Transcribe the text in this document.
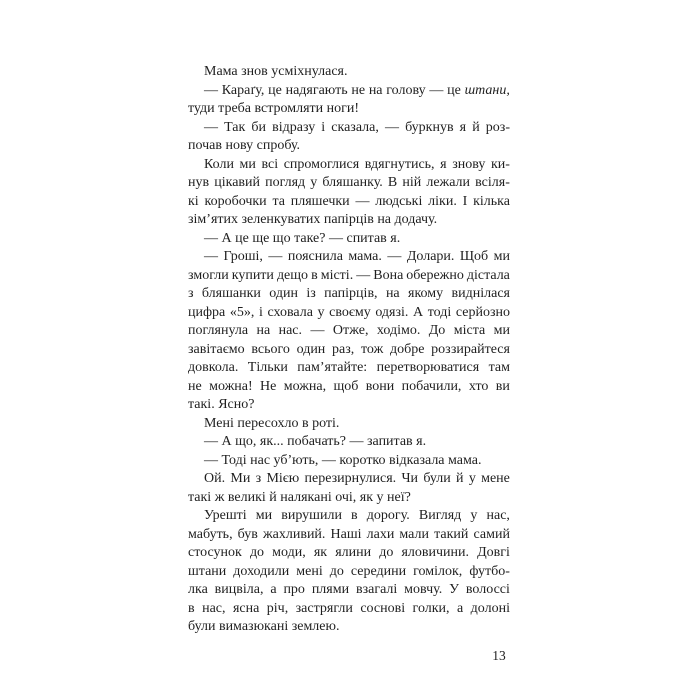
Мама знов усміхнулася.
— Караґу, це надягають не на голову — це штани,
туди треба встромляти ноги!
— Так би відразу і сказала, — буркнув я й роз-
почав нову спробу.
Коли ми всі спромоглися вдягнутись, я знову ки-
нув цікавий погляд у бляшанку. В ній лежали всіля-
кі коробочки та пляшечки — людські ліки. І кілька
зім’ятих зеленкуватих папірців на додачу.
— А це ще що таке? — спитав я.
— Гроші, — пояснила мама. — Долари. Щоб ми
змогли купити дещо в місті. — Вона обережно дістала
з бляшанки один із папірців, на якому виднілася
цифра «5», і сховала у своєму одязі. А тоді серйозно
поглянула на нас. — Отже, ходімо. До міста ми
завітаємо всього один раз, тож добре роззирайтеся
довкола. Тільки пам’ятайте: перетворюватися там
не можна! Не можна, щоб вони побачили, хто ви
такі. Ясно?
Мені пересохло в роті.
— А що, як... побачать? — запитав я.
— Тоді нас уб’ють, — коротко відказала мама.
Ой. Ми з Мією перезирнулися. Чи були й у мене
такі ж великі й налякані очі, як у неї?
Урешті ми вирушили в дорогу. Вигляд у нас,
мабуть, був жахливий. Наші лахи мали такий самий
стосунок до моди, як ялини до яловичини. Довгі
штани доходили мені до середини гомілок, футбо-
лка вицвіла, а про плями взагалі мовчу. У волоссі
в нас, ясна річ, застрягли соснові голки, а долоні
були вимазюкані землею.
13
